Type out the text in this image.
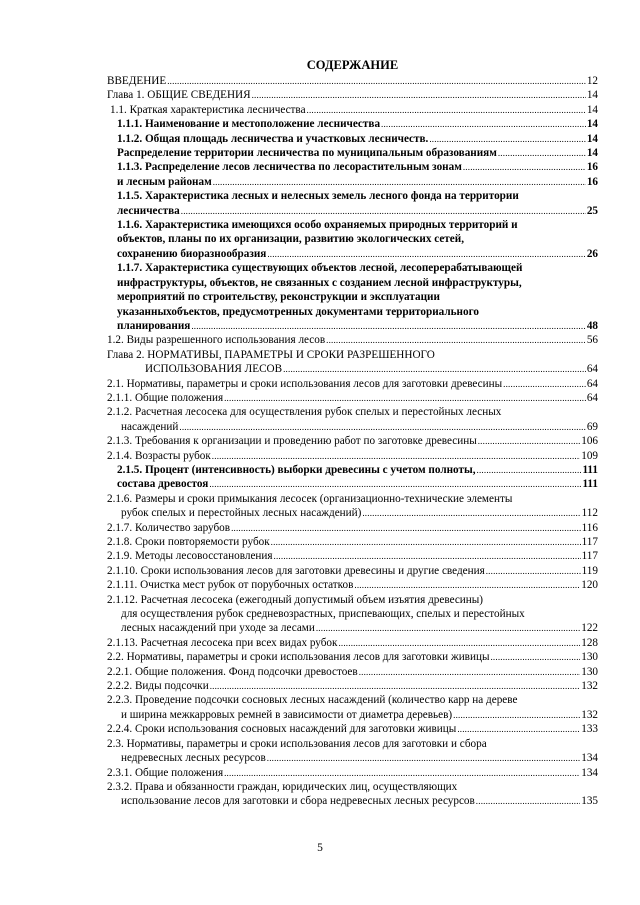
СОДЕРЖАНИЕ
ВВЕДЕНИЕ .....	12
Глава 1. ОБЩИЕ СВЕДЕНИЯ .....	14
1.1. Краткая характеристика лесничества .....	14
1.1.1. Наименование и местоположение лесничества .....	14
1.1.2. Общая площадь лесничества и участковых лесничеств. .....	14
Распределение территории лесничества по муниципальным образованиям .....	14
1.1.3. Распределение лесов лесничества по лесорастительным зонам .....	16
и лесным районам .....	16
1.1.5. Характеристика лесных и нелесных земель лесного фонда на территории
лесничества .....	25
1.1.6. Характеристика имеющихся особо охраняемых природных территорий и
объектов, планы по их организации, развитию экологических сетей,
сохранению биоразнообразия .....	26
1.1.7. Характеристика существующих объектов лесной, лесоперерабатывающей
инфраструктуры, объектов, не связанных с созданием лесной инфраструктуры,
мероприятий по строительству, реконструкции и эксплуатации
указанныхобъектов, предусмотренных документами территориального
планирования .....	48
1.2. Виды разрешенного использования лесов .....	56
Глава 2. НОРМАТИВЫ, ПАРАМЕТРЫ И СРОКИ РАЗРЕШЕННОГО
ИСПОЛЬЗОВАНИЯ ЛЕСОВ .....	64
2.1. Нормативы, параметры и сроки использования лесов для заготовки древесины .....	64
2.1.1. Общие положения .....	64
2.1.2. Расчетная лесосека для осуществления рубок спелых и перестойных лесных
насаждений .....	69
2.1.3. Требования к организации и проведению работ по заготовке древесины .....	106
2.1.4. Возрасты рубок .....	109
2.1.5. Процент (интенсивность) выборки древесины с учетом полноты, .....	111
состава древостоя .....	111
2.1.6. Размеры и сроки примыкания лесосек (организационно-технические элементы
рубок спелых и перестойных лесных насаждений) .....	112
2.1.7. Количество зарубов .....	116
2.1.8. Сроки повторяемости рубок .....	117
2.1.9. Методы лесовосстановления .....	117
2.1.10. Сроки использования лесов для заготовки древесины и другие сведения .....	119
2.1.11. Очистка мест рубок от порубочных остатков .....	120
2.1.12. Расчетная лесосека (ежегодный допустимый объем изъятия древесины)
для осуществления рубок средневозрастных, приспевающих, спелых и перестойных
лесных насаждений при уходе за лесами .....	122
2.1.13. Расчетная лесосека при всех видах рубок .....	128
2.2. Нормативы, параметры и сроки использования лесов для заготовки живицы .....	130
2.2.1. Общие положения. Фонд подсочки древостоев .....	130
2.2.2. Виды подсочки .....	132
2.2.3. Проведение подсочки сосновых лесных насаждений (количество карр на дереве
и ширина межкарровых ремней в зависимости от диаметра деревьев) .....	132
2.2.4. Сроки использования сосновых насаждений для заготовки живицы .....	133
2.3. Нормативы, параметры и сроки использования лесов для заготовки и сбора
недревесных лесных ресурсов .....	134
2.3.1. Общие положения .....	134
2.3.2. Права и обязанности граждан, юридических лиц, осуществляющих
использование лесов для заготовки и сбора недревесных лесных ресурсов .....	135
5
